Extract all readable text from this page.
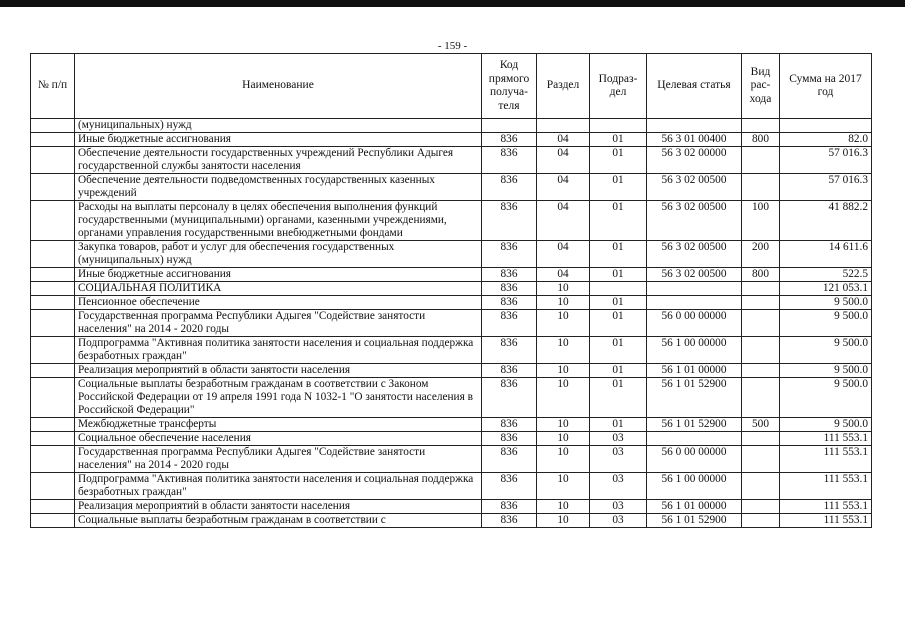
- 159 -
№ п/п	Наименование	Код прямого получа-теля	Раздел	Подраз-дел	Целевая статья	Вид рас-хода	Сумма на 2017 год
	(муниципальных) нужд						
	Иные бюджетные ассигнования	836	04	01	56 3 01 00400	800	82.0
	Обеспечение деятельности государственных учреждений Республики Адыгея государственной службы занятости населения	836	04	01	56 3 02 00000		57 016.3
	Обеспечение деятельности подведомственных государственных казенных учреждений	836	04	01	56 3 02 00500		57 016.3
	Расходы на выплаты персоналу в целях обеспечения выполнения функций государственными (муниципальными) органами, казенными учреждениями, органами управления государственными внебюджетными фондами	836	04	01	56 3 02 00500	100	41 882.2
	Закупка товаров, работ и услуг для обеспечения государственных (муниципальных) нужд	836	04	01	56 3 02 00500	200	14 611.6
	Иные бюджетные ассигнования	836	04	01	56 3 02 00500	800	522.5
	СОЦИАЛЬНАЯ ПОЛИТИКА	836	10				121 053.1
	Пенсионное обеспечение	836	10	01			9 500.0
	Государственная программа Республики Адыгея "Содействие занятости населения" на 2014 - 2020 годы	836	10	01	56 0 00 00000		9 500.0
	Подпрограмма "Активная политика занятости населения и социальная поддержка безработных граждан"	836	10	01	56 1 00 00000		9 500.0
	Реализация мероприятий в области занятости населения	836	10	01	56 1 01 00000		9 500.0
	Социальные выплаты безработным гражданам в соответствии с Законом Российской Федерации от 19 апреля 1991 года N 1032-1 "О занятости населения в Российской Федерации"	836	10	01	56 1 01 52900		9 500.0
	Межбюджетные трансферты	836	10	01	56 1 01 52900	500	9 500.0
	Социальное обеспечение населения	836	10	03			111 553.1
	Государственная программа Республики Адыгея "Содействие занятости населения" на 2014 - 2020 годы	836	10	03	56 0 00 00000		111 553.1
	Подпрограмма "Активная политика занятости населения и социальная поддержка безработных граждан"	836	10	03	56 1 00 00000		111 553.1
	Реализация мероприятий в области занятости населения	836	10	03	56 1 01 00000		111 553.1
	Социальные выплаты безработным гражданам в соответствии с	836	10	03	56 1 01 52900		111 553.1
